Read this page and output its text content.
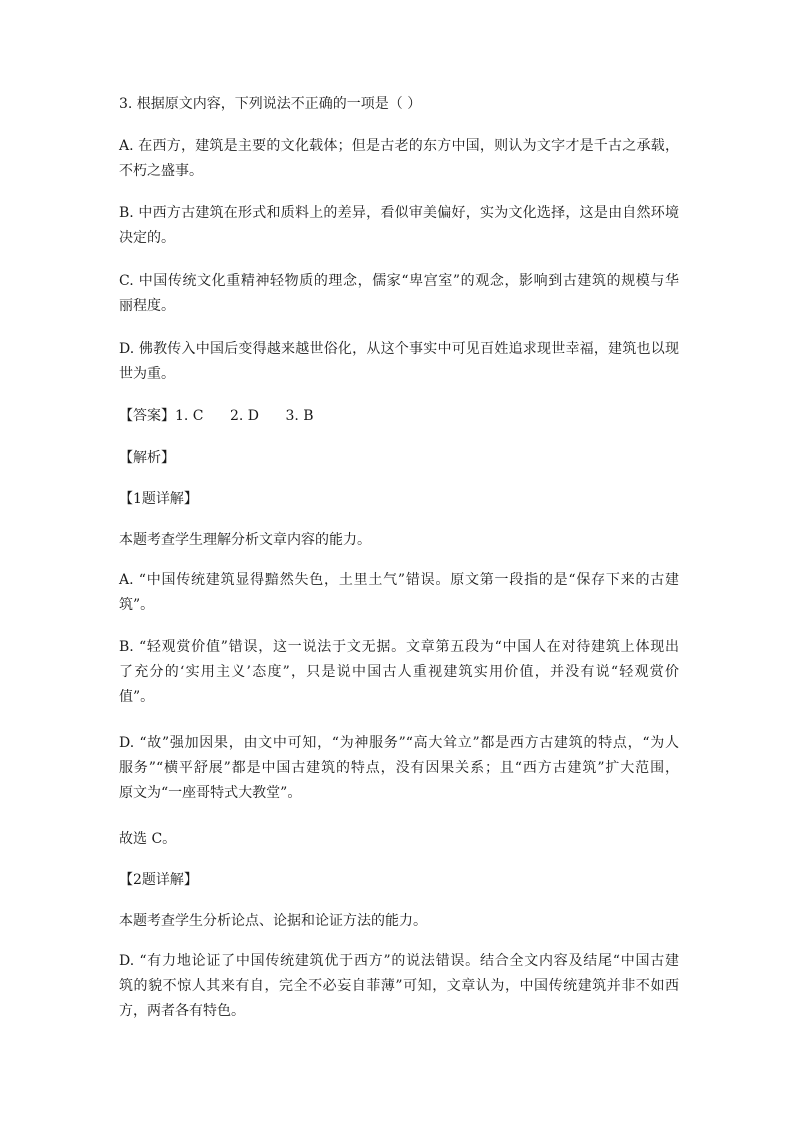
3. 根据原文内容，下列说法不正确的一项是（ ）
A. 在西方，建筑是主要的文化载体；但是古老的东方中国，则认为文字才是千古之承载，
不朽之盛事。
B. 中西方古建筑在形式和质料上的差异，看似审美偏好，实为文化选择，这是由自然环境
决定的。
C. 中国传统文化重精神轻物质的理念，儒家“卑宫室”的观念，影响到古建筑的规模与华
丽程度。
D. 佛教传入中国后变得越来越世俗化，从这个事实中可见百姓追求现世幸福，建筑也以现
世为重。
【答案】1. C 2. D 3. B
【解析】
【1题详解】
本题考查学生理解分析文章内容的能力。
A. “中国传统建筑显得黯然失色，土里土气”错误。原文第一段指的是“保存下来的古建
筑”。
B. “轻观赏价值”错误，这一说法于文无据。文章第五段为“中国人在对待建筑上体现出
了充分的‘实用主义’态度”，只是说中国古人重视建筑实用价值，并没有说“轻观赏价
值”。
D. “故”强加因果，由文中可知，“为神服务”“高大耸立”都是西方古建筑的特点，“为人
服务”“横平舒展”都是中国古建筑的特点，没有因果关系；且“西方古建筑”扩大范围，
原文为“一座哥特式大教堂”。
故选 C。
【2题详解】
本题考查学生分析论点、论据和论证方法的能力。
D. “有力地论证了中国传统建筑优于西方”的说法错误。结合全文内容及结尾“中国古建
筑的貌不惊人其来有自，完全不必妄自菲薄”可知，文章认为，中国传统建筑并非不如西
方，两者各有特色。
